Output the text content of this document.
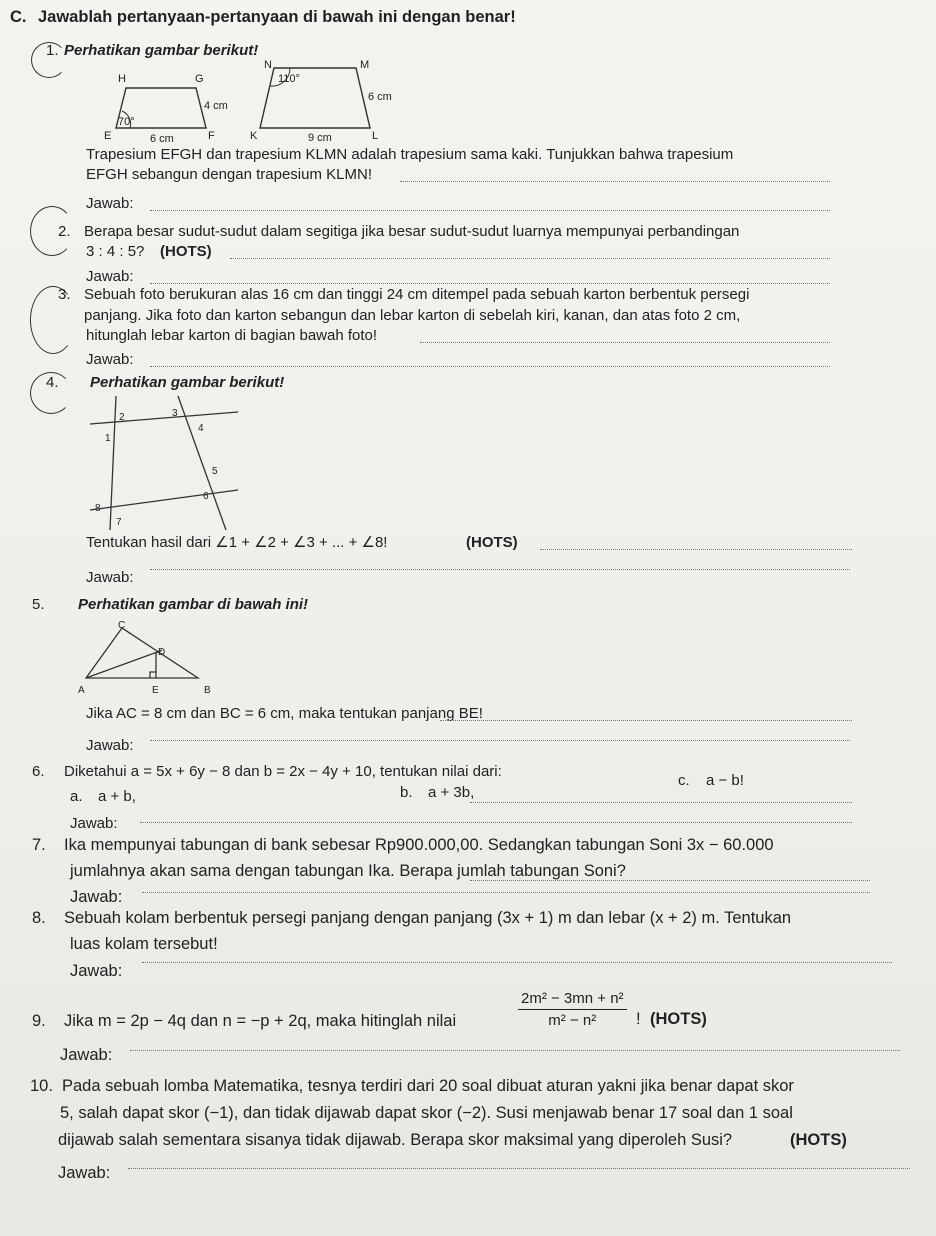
C. Jawablah pertanyaan-pertanyaan di bawah ini dengan benar!
1. Perhatikan gambar berikut!
H	G
4 cm
70°
E	6 cm	F
N	M
110°
6 cm
K	9 cm	L
Trapesium EFGH dan trapesium KLMN adalah trapesium sama kaki. Tunjukkan bahwa trapesium
EFGH sebangun dengan trapesium KLMN!
Jawab:
2. Berapa besar sudut-sudut dalam segitiga jika besar sudut-sudut luarnya mempunyai perbandingan
3 : 4 : 5? (HOTS)
Jawab:
3. Sebuah foto berukuran alas 16 cm dan tinggi 24 cm ditempel pada sebuah karton berbentuk persegi
panjang. Jika foto dan karton sebangun dan lebar karton di sebelah kiri, kanan, dan atas foto 2 cm,
hitunglah lebar karton di bagian bawah foto!
Jawab:
4. Perhatikan gambar berikut!
1
2	3
4
5
6
7
8
Tentukan hasil dari ∠1 + ∠2 + ∠3 + ... + ∠8!	(HOTS)
Jawab:
5. Perhatikan gambar di bawah ini!
C
D
A	E	B
Jika AC = 8 cm dan BC = 6 cm, maka tentukan panjang BE!
Jawab:
6. Diketahui a = 5x + 6y − 8 dan b = 2x − 4y + 10, tentukan nilai dari:
a. a + b,	b. a + 3b,
c. a − b!
Jawab:
7. Ika mempunyai tabungan di bank sebesar Rp900.000,00. Sedangkan tabungan Soni 3x − 60.000
jumlahnya akan sama dengan tabungan Ika. Berapa jumlah tabungan Soni?
Jawab:
8. Sebuah kolam berbentuk persegi panjang dengan panjang (3x + 1) m dan lebar (x + 2) m. Tentukan
luas kolam tersebut!
Jawab:
9. Jika m = 2p − 4q dan n = −p + 2q, maka hitinglah nilai	$\frac{\text{2m² − 3mn + n²}}{\text{m² − n²}}$ ! (HOTS)
Jawab:
10. Pada sebuah lomba Matematika, tesnya terdiri dari 20 soal dibuat aturan yakni jika benar dapat skor
5, salah dapat skor (−1), dan tidak dijawab dapat skor (−2). Susi menjawab benar 17 soal dan 1 soal
dijawab salah sementara sisanya tidak dijawab. Berapa skor maksimal yang diperoleh Susi?	(HOTS)
Jawab:
